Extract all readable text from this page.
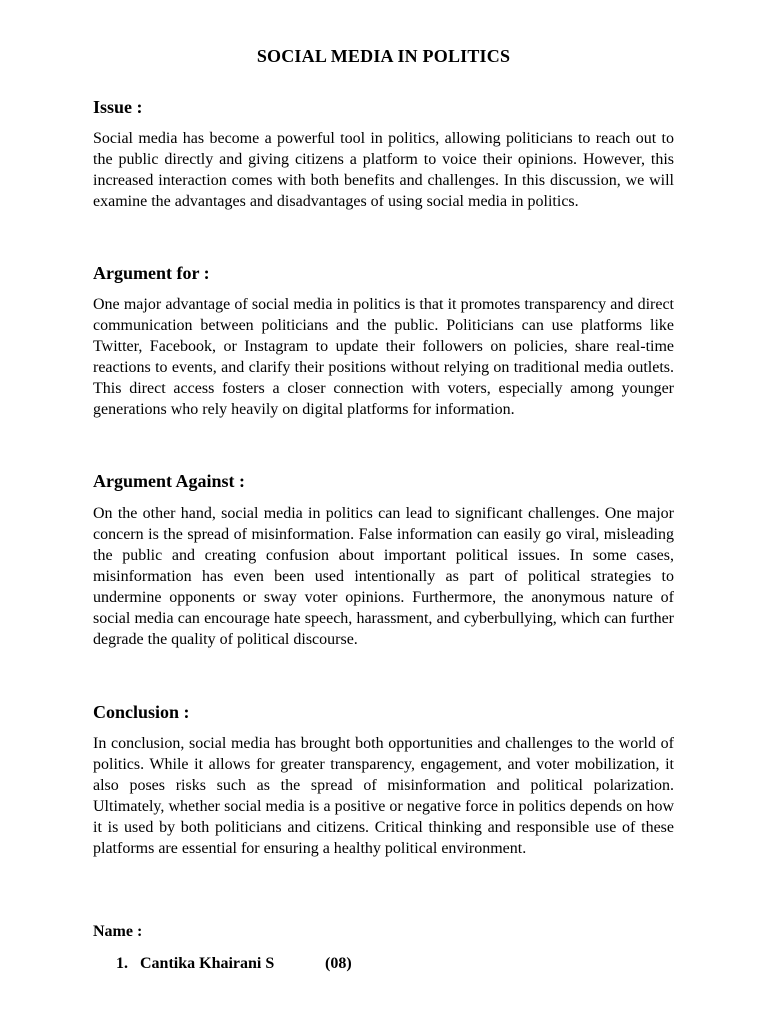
SOCIAL MEDIA IN POLITICS
Issue :

Social media has become a powerful tool in politics, allowing politicians to reach out to the public directly and giving citizens a platform to voice their opinions. However, this increased interaction comes with both benefits and challenges. In this discussion, we will examine the advantages and disadvantages of using social media in politics.

Argument for :

One major advantage of social media in politics is that it promotes transparency and direct communication between politicians and the public. Politicians can use platforms like Twitter, Facebook, or Instagram to update their followers on policies, share real-time reactions to events, and clarify their positions without relying on traditional media outlets. This direct access fosters a closer connection with voters, especially among younger generations who rely heavily on digital platforms for information.

Argument Against :

On the other hand, social media in politics can lead to significant challenges. One major concern is the spread of misinformation. False information can easily go viral, misleading the public and creating confusion about important political issues. In some cases, misinformation has even been used intentionally as part of political strategies to undermine opponents or sway voter opinions. Furthermore, the anonymous nature of social media can encourage hate speech, harassment, and cyberbullying, which can further degrade the quality of political discourse.

Conclusion :

In conclusion, social media has brought both opportunities and challenges to the world of politics. While it allows for greater transparency, engagement, and voter mobilization, it also poses risks such as the spread of misinformation and political polarization. Ultimately, whether social media is a positive or negative force in politics depends on how it is used by both politicians and citizens. Critical thinking and responsible use of these platforms are essential for ensuring a healthy political environment.

Name :
1. Cantika Khairani S	(08)
